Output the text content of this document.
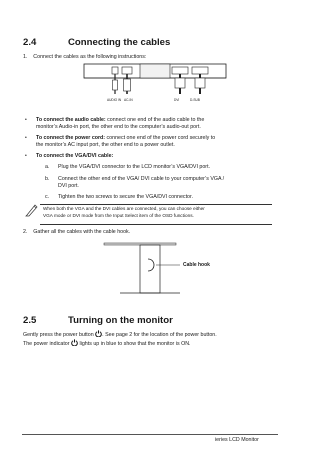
2.4	Connecting the cables
1.    Connect the cables as the following instructions:
AUDIO IN AC-IN	DVI	D-SUB
• To connect the audio cable: connect one end of the audio cable to the
monitor’s Audio-in port, the other end to the computer’s audio-out port.
• To connect the power cord: connect one end of the power cord securely to
the monitor’s AC input port, the other end to a power outlet.
• To connect the VGA/DVI cable:
a. Plug the VGA/DVI connector to the LCD monitor’s VGA/DVI port.
b. Connect the other end of the VGA/ DVI cable to your computer’s VGA /
DVI port.
c. Tighten the two screws to secure the VGA/DVI connector.
When both the VGA and the DVI cables are connected, you can choose either
VGA mode or DVI mode from the Input Select item of the OSD functions.
2.    Gather all the cables with the cable hook.
Cable hook
2.5	Turning on the monitor
Gently press the power button . See page 2 for the location of the power button.
The power indicator lights up in blue to show that the monitor is ON.
ieries LCD Monitor
